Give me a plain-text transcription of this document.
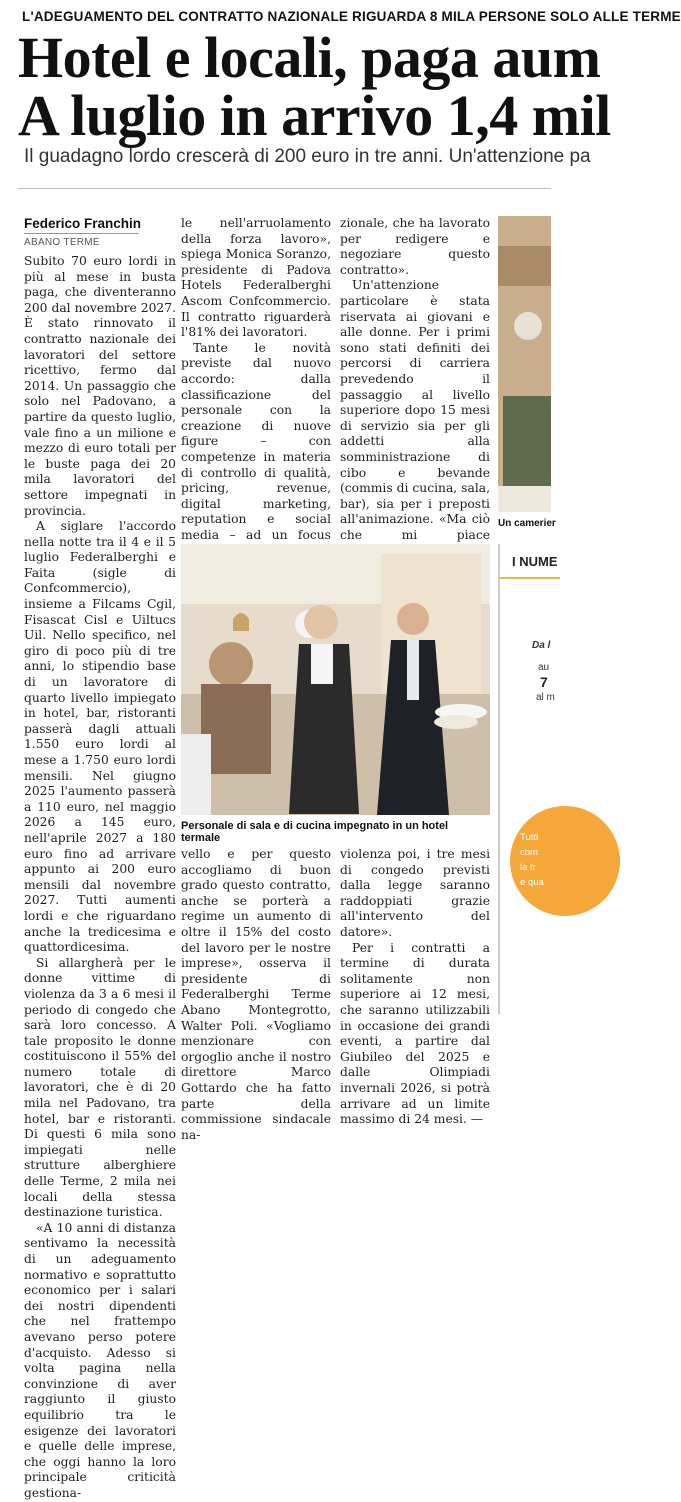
L'ADEGUAMENTO DEL CONTRATTO NAZIONALE RIGUARDA 8 MILA PERSONE SOLO ALLE TERME
Hotel e locali, paga aum
A luglio in arrivo 1,4 mil
Il guadagno lordo crescerà di 200 euro in tre anni. Un'attenzione pa
Federico Franchin
ABANO TERME

Subito 70 euro lordi in più al mese in busta paga, che diventeranno 200 dal novembre 2027. È stato rinnovato il contratto nazionale dei lavoratori del settore ricettivo, fermo dal 2014. Un passaggio che solo nel Padovano, a partire da questo luglio, vale fino a un milione e mezzo di euro totali per le buste paga dei 20 mila lavoratori del settore impegnati in provincia.

A siglare l'accordo nella notte tra il 4 e il 5 luglio Federalberghi e Faita (sigle di Confcommercio), insieme a Filcams Cgil, Fisascat Cisl e Uiltucs Uil. Nello specifico, nel giro di poco più di tre anni, lo stipendio base di un lavoratore di quarto livello impiegato in hotel, bar, ristoranti passerà dagli attuali 1.550 euro lordi al mese a 1.750 euro lordi mensili. Nel giugno 2025 l'aumento passerà a 110 euro, nel maggio 2026 a 145 euro, nell'aprile 2027 a 180 euro fino ad arrivare appunto ai 200 euro mensili dal novembre 2027. Tutti aumenti lordi e che riguardano anche la tredicesima e quattordicesima.

Si allargherà per le donne vittime di violenza da 3 a 6 mesi il periodo di congedo che sarà loro concesso. A tale proposito le donne costituiscono il 55% del numero totale di lavoratori, che è di 20 mila nel Padovano, tra hotel, bar e ristoranti. Di questi 6 mila sono impiegati nelle strutture alberghiere delle Terme, 2 mila nei locali della stessa destinazione turistica.

«A 10 anni di distanza sentivamo la necessità di un adeguamento normativo e soprattutto economico per i salari dei nostri dipendenti che nel frattempo avevano perso potere d'acquisto. Adesso si volta pagina nella convinzione di aver raggiunto il giusto equilibrio tra le esigenze dei lavoratori e quelle delle imprese, che oggi hanno la loro principale criticità gestiona-

le nell'arruolamento della forza lavoro», spiega Monica Soranzo, presidente di Padova Hotels Federalberghi Ascom Confcommercio. Il contratto riguarderà l'81% dei lavoratori.

Tante le novità previste dal nuovo accordo: dalla classificazione del personale con la creazione di nuove figure – con competenze in materia di controllo di qualità, pricing, revenue, digital marketing, reputation e social media – ad un focus

zionale, che ha lavorato per redigere e negoziare questo contratto».

Un'attenzione particolare è stata riservata ai giovani e alle donne. Per i primi sono stati definiti dei percorsi di carriera prevedendo il passaggio al livello superiore dopo 15 mesi di servizio sia per gli addetti alla somministrazione di cibo e bevande (commis di cucina, sala, bar), sia per i preposti all'animazione. «Ma ciò che mi piace

Personale di sala e di cucina impegnato in un hotel termale

vello e per questo accogliamo di buon grado questo contratto, anche se porterà a regime un aumento di oltre il 15% del costo del lavoro per le nostre imprese», osserva il presidente di Federalberghi Terme Abano Montegrotto, Walter Poli. «Vogliamo menzionare con orgoglio anche il nostro direttore Marco Gottardo che ha fatto parte della commissione sindacale na-

violenza poi, i tre mesi di congedo previsti dalla legge saranno raddoppiati grazie all'intervento del datore».

Per i contratti a termine di durata solitamente non superiore ai 12 mesi, che saranno utilizzabili in occasione dei grandi eventi, a partire dal Giubileo del 2025 e dalle Olimpiadi invernali 2026, si potrà arrivare ad un limite massimo di 24 mesi. —

Un camerier
I NUME
Da l
au
7
al m
Tutti
com
la tr
e qua
